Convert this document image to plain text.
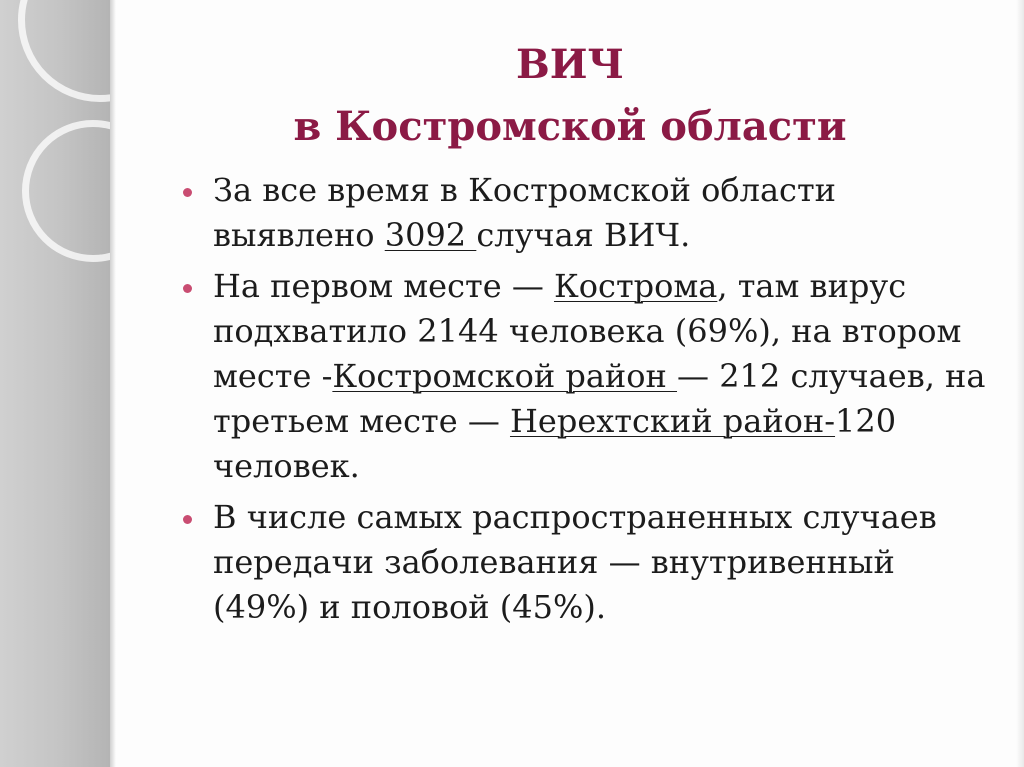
ВИЧ
в Костромской области
За все время в Костромской области выявлено 3092 случая ВИЧ.
На первом месте — Кострома, там вирус подхватило 2144 человека (69%), на втором месте -Костромской район — 212 случаев, на третьем месте — Нерехтский район-120 человек.
В числе самых распространенных случаев передачи заболевания — внутривенный (49%) и половой (45%).
